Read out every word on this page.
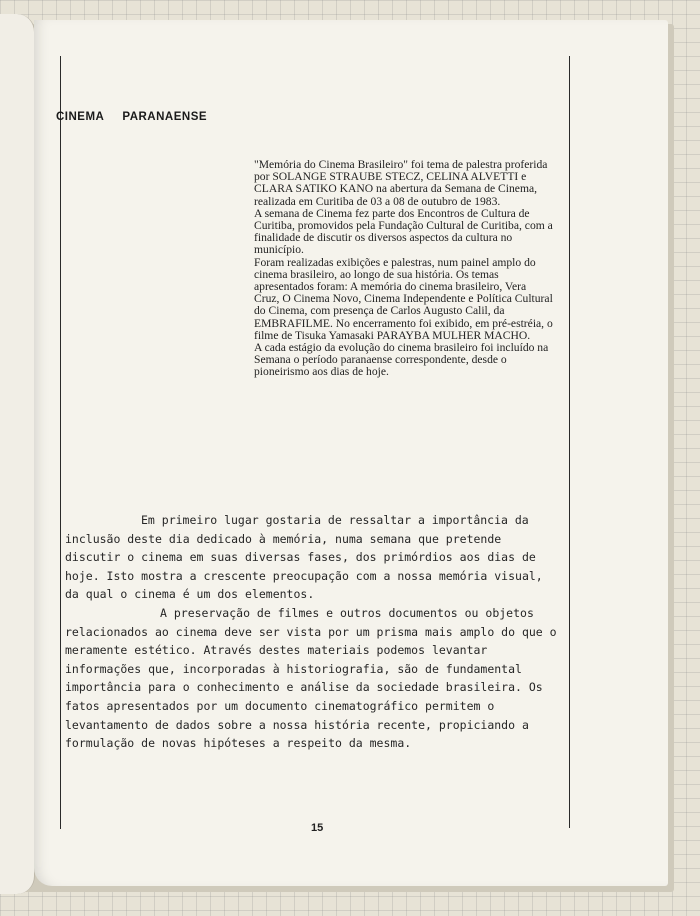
CINEMA PARANAENSE

"Memória do Cinema Brasileiro" foi tema de palestra proferida por SOLANGE STRAUBE STECZ, CELINA ALVETTI e CLARA SATIKO KANO na abertura da Semana de Cinema, realizada em Curitiba de 03 a 08 de outubro de 1983.

A semana de Cinema fez parte dos Encontros de Cultura de Curitiba, promovidos pela Fundação Cultural de Curitiba, com a finalidade de discutir os diversos aspectos da cultura no município.

Foram realizadas exibições e palestras, num painel amplo do cinema brasileiro, ao longo de sua história. Os temas apresentados foram: A memória do cinema brasileiro, Vera Cruz, O Cinema Novo, Cinema Independente e Política Cultural do Cinema, com presença de Carlos Augusto Calil, da EMBRAFILME. No encerramento foi exibido, em pré-estréia, o filme de Tisuka Yamasaki PARAYBA MULHER MACHO.

A cada estágio da evolução do cinema brasileiro foi incluído na Semana o período paranaense correspondente, desde o pioneirismo aos dias de hoje.

Em primeiro lugar gostaria de ressaltar a importância da inclusão deste dia dedicado à memória, numa semana que pretende discutir o cinema em suas diversas fases, dos primórdios aos dias de hoje. Isto mostra a crescente preocupação com a nossa memória visual, da qual o cinema é um dos elementos.

A preservação de filmes e outros documentos ou objetos relacionados ao cinema deve ser vista por um prisma mais amplo do que o meramente estético. Através destes materiais podemos levantar informações que, incorporadas à historiografia, são de fundamental importância para o conhecimento e análise da sociedade brasileira. Os fatos apresentados por um documento cinematográfico permitem o levantamento de dados sobre a nossa história recente, propiciando a formulação de novas hipóteses a respeito da mesma.

15
